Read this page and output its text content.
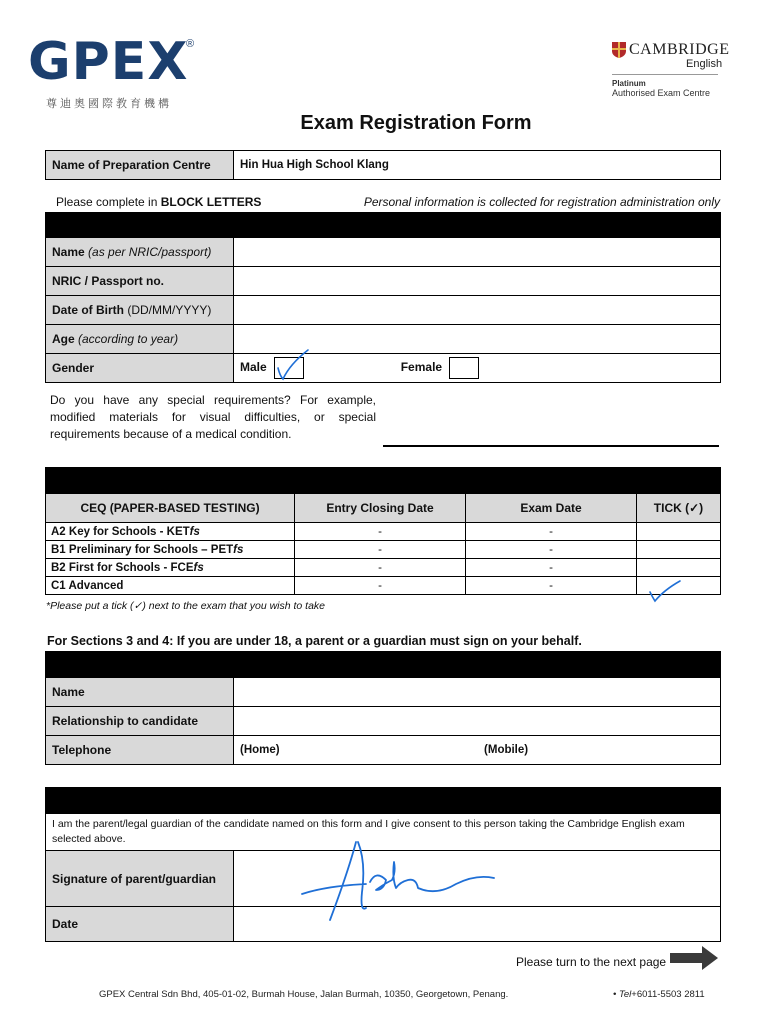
GPEX
®
尊迪奧國際教育機構
CAMBRIDGE
English
Platinum
Authorised Exam Centre
Exam Registration Form
Name of Preparation Centre	Hin Hua High School Klang
Please complete in BLOCK LETTERS	Personal information is collected for registration administration only
Name (as per NRIC/passport)	
NRIC / Passport no.	
Date of Birth (DD/MM/YYYY)	
Age (according to year)	
Gender	Male Female
Do you have any special requirements? For example, modified materials for visual difficulties, or special requirements because of a medical condition.
CEQ (PAPER-BASED TESTING)	Entry Closing Date	Exam Date	TICK (✓)
A2 Key for Schools - KETfs	-	-	
B1 Preliminary for Schools – PETfs	-	-	
B2 First for Schools - FCEfs	-	-	
C1 Advanced	-	-	
*Please put a tick (✓) next to the exam that you wish to take
For Sections 3 and 4: If you are under 18, a parent or a guardian must sign on your behalf.
Name	
Relationship to candidate	
Telephone	(Home) (Mobile)
I am the parent/legal guardian of the candidate named on this form and I give consent to this person taking the Cambridge English exam selected above.	
Signature of parent/guardian	
Date	
Please turn to the next page
GPEX Central Sdn Bhd, 405-01-02, Burmah House, Jalan Burmah, 10350, Georgetown, Penang.	• Tel+6011-5503 2811
